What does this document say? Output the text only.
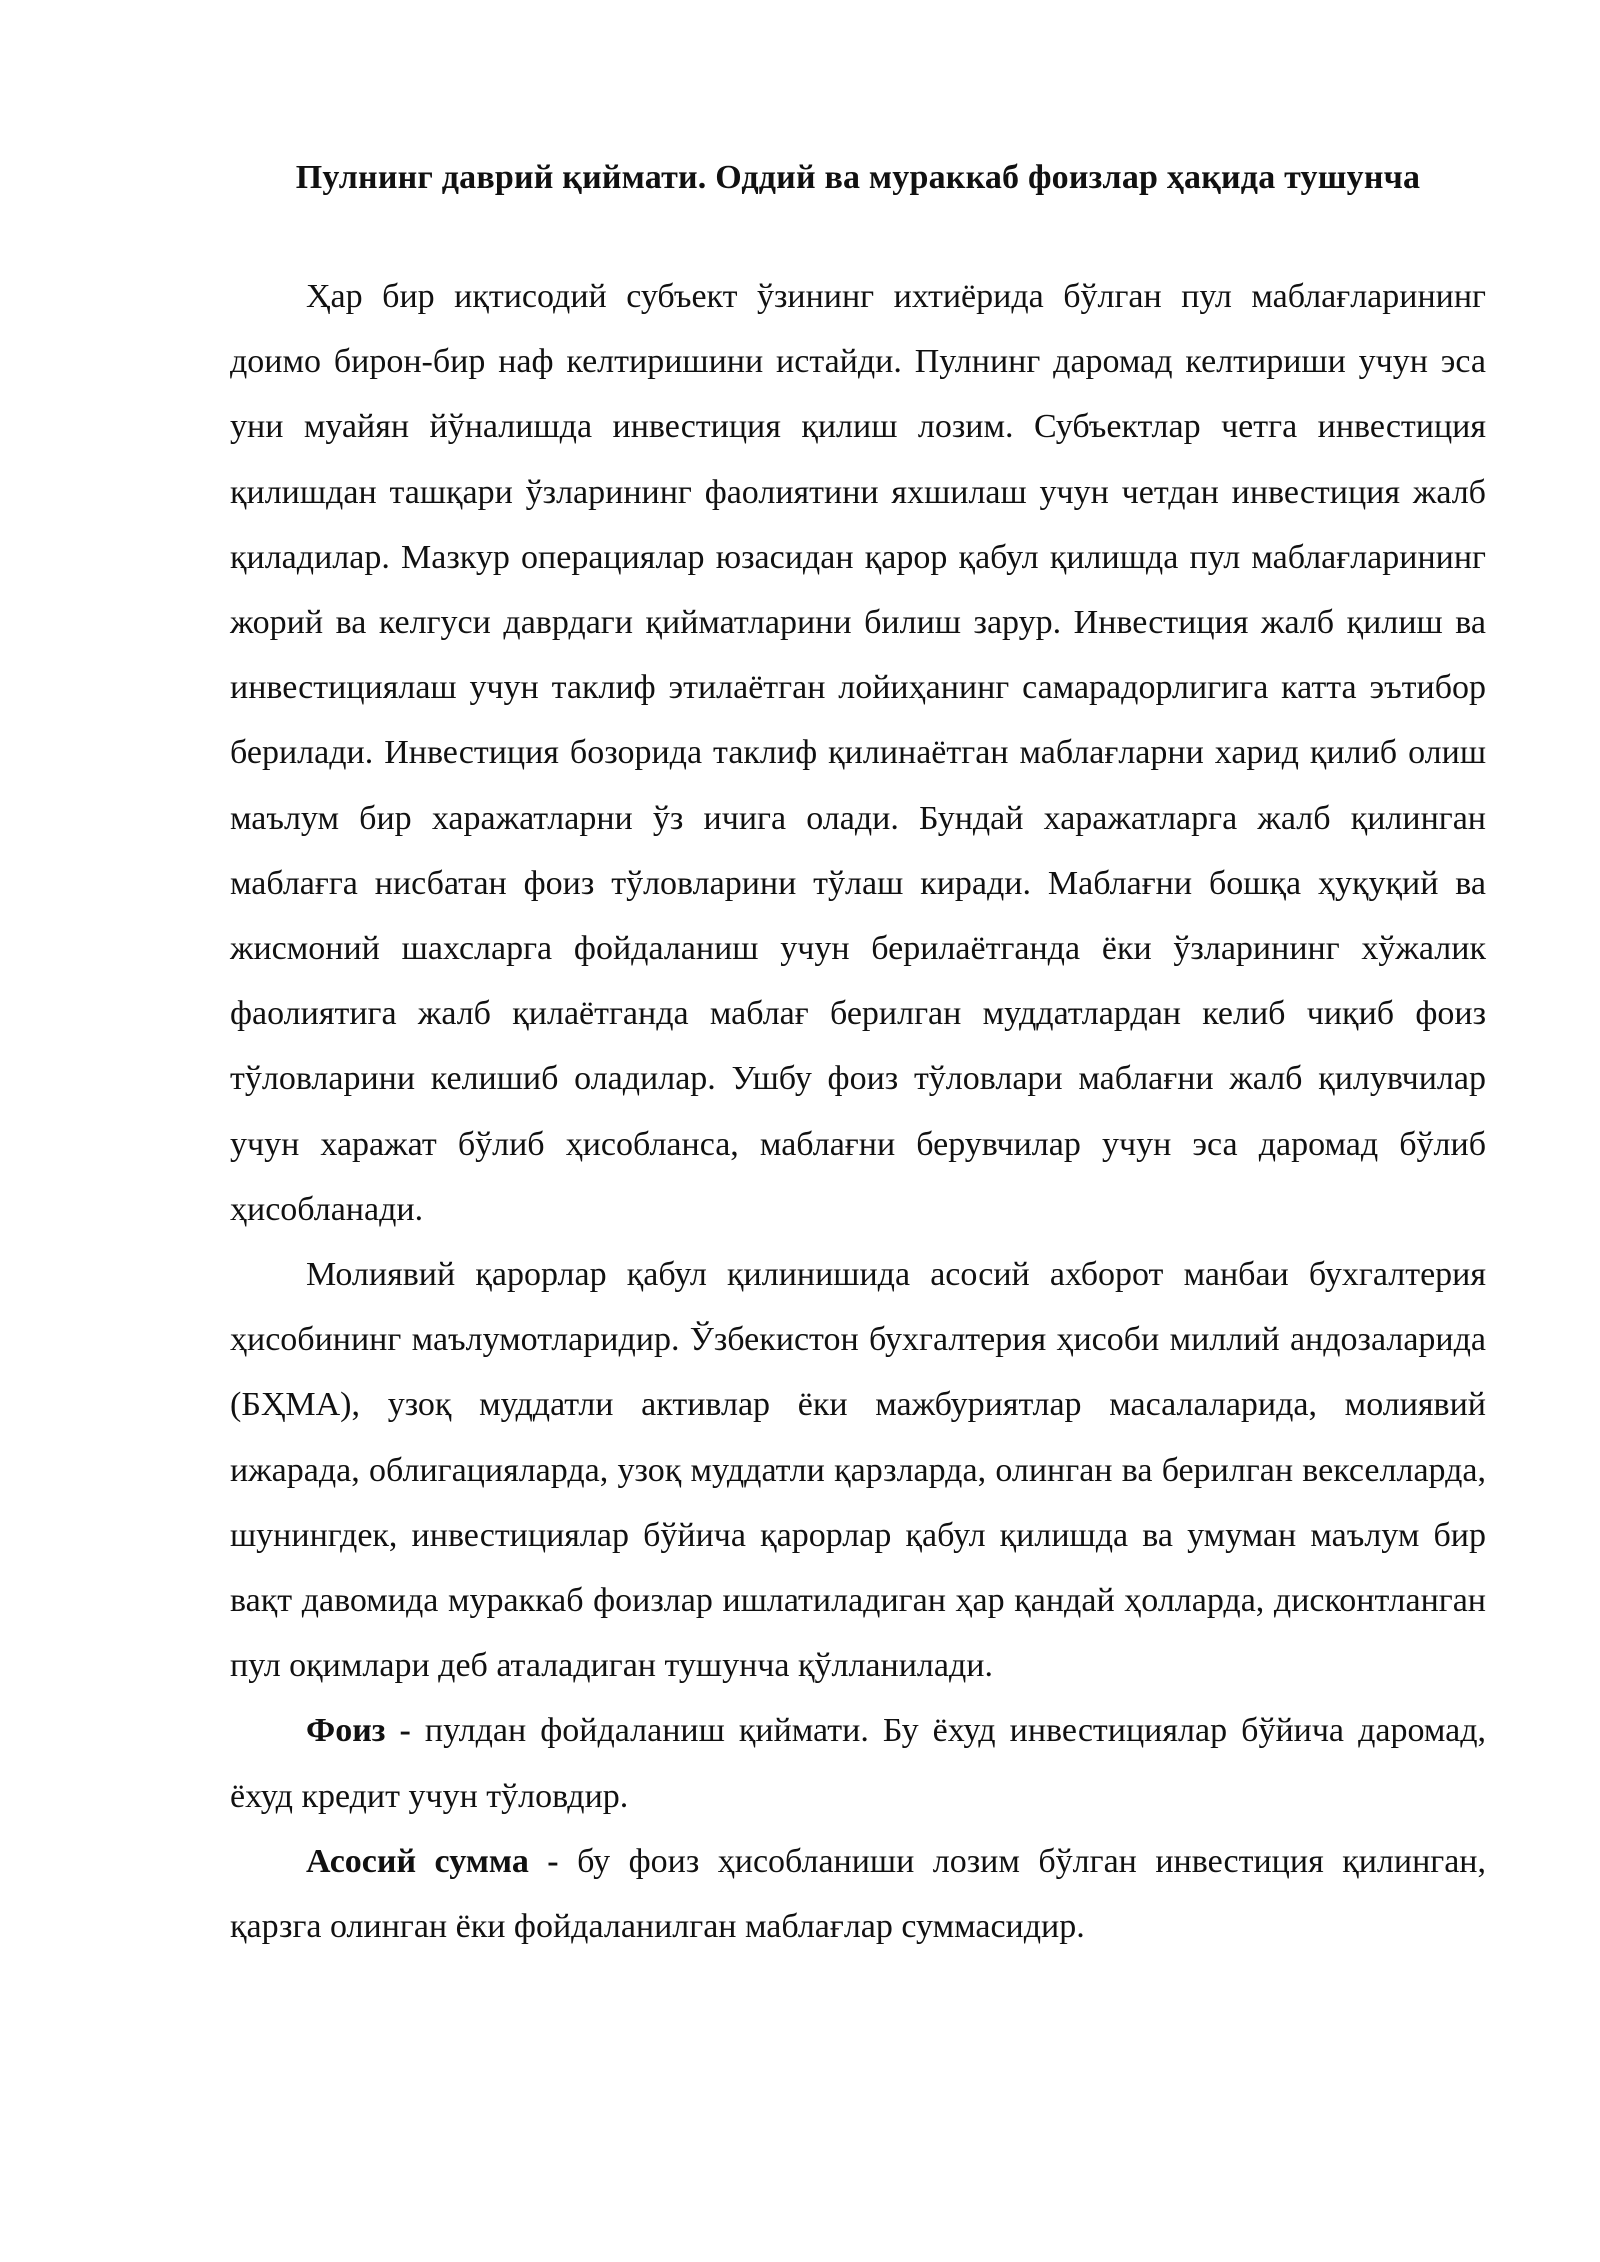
Пулнинг даврий қиймати. Оддий ва мураккаб фоизлар ҳақида тушунча

Ҳар бир иқтисодий субъект ўзининг ихтиёрида бўлган пул маблағларининг доимо бирон-бир наф келтиришини истайди. Пулнинг даромад келтириши учун эса уни муайян йўналишда инвестиция қилиш лозим. Субъектлар четга инвестиция қилишдан ташқари ўзларининг фаолиятини яхшилаш учун четдан инвестиция жалб қиладилар. Мазкур операциялар юзасидан қарор қабул қилишда пул маблағларининг жорий ва келгуси даврдаги қийматларини билиш зарур. Инвестиция жалб қилиш ва инвестициялаш учун таклиф этилаётган лойиҳанинг самарадорлигига катта эътибор берилади. Инвестиция бозорида таклиф қилинаётган маблағларни харид қилиб олиш маълум бир харажатларни ўз ичига олади. Бундай харажатларга жалб қилинган маблағга нисбатан фоиз тўловларини тўлаш киради. Маблағни бошқа ҳуқуқий ва жисмоний шахсларга фойдаланиш учун берилаётганда ёки ўзларининг хўжалик фаолиятига жалб қилаётганда маблағ берилган муддатлардан келиб чиқиб фоиз тўловларини келишиб оладилар. Ушбу фоиз тўловлари маблағни жалб қилувчилар учун харажат бўлиб ҳисобланса, маблағни берувчилар учун эса даромад бўлиб ҳисобланади.

Молиявий қарорлар қабул қилинишида асосий ахборот манбаи бухгалтерия ҳисобининг маълумотларидир. Ўзбекистон бухгалтерия ҳисоби миллий андозаларида (БҲМА), узоқ муддатли активлар ёки мажбуриятлар масалаларида, молиявий ижарада, облигацияларда, узоқ муддатли қарзларда, олинган ва берилган векселларда, шунингдек, инвестициялар бўйича қарорлар қабул қилишда ва умуман маълум бир вақт давомида мураккаб фоизлар ишлатиладиган ҳар қандай ҳолларда, дисконтланган пул оқимлари деб аталадиган тушунча қўлланилади.

Фоиз - пулдан фойдаланиш қиймати. Бу ёхуд инвестициялар бўйича даромад, ёхуд кредит учун тўловдир.

Асосий сумма - бу фоиз ҳисобланиши лозим бўлган инвестиция қилинган, қарзга олинган ёки фойдаланилган маблағлар суммасидир.
